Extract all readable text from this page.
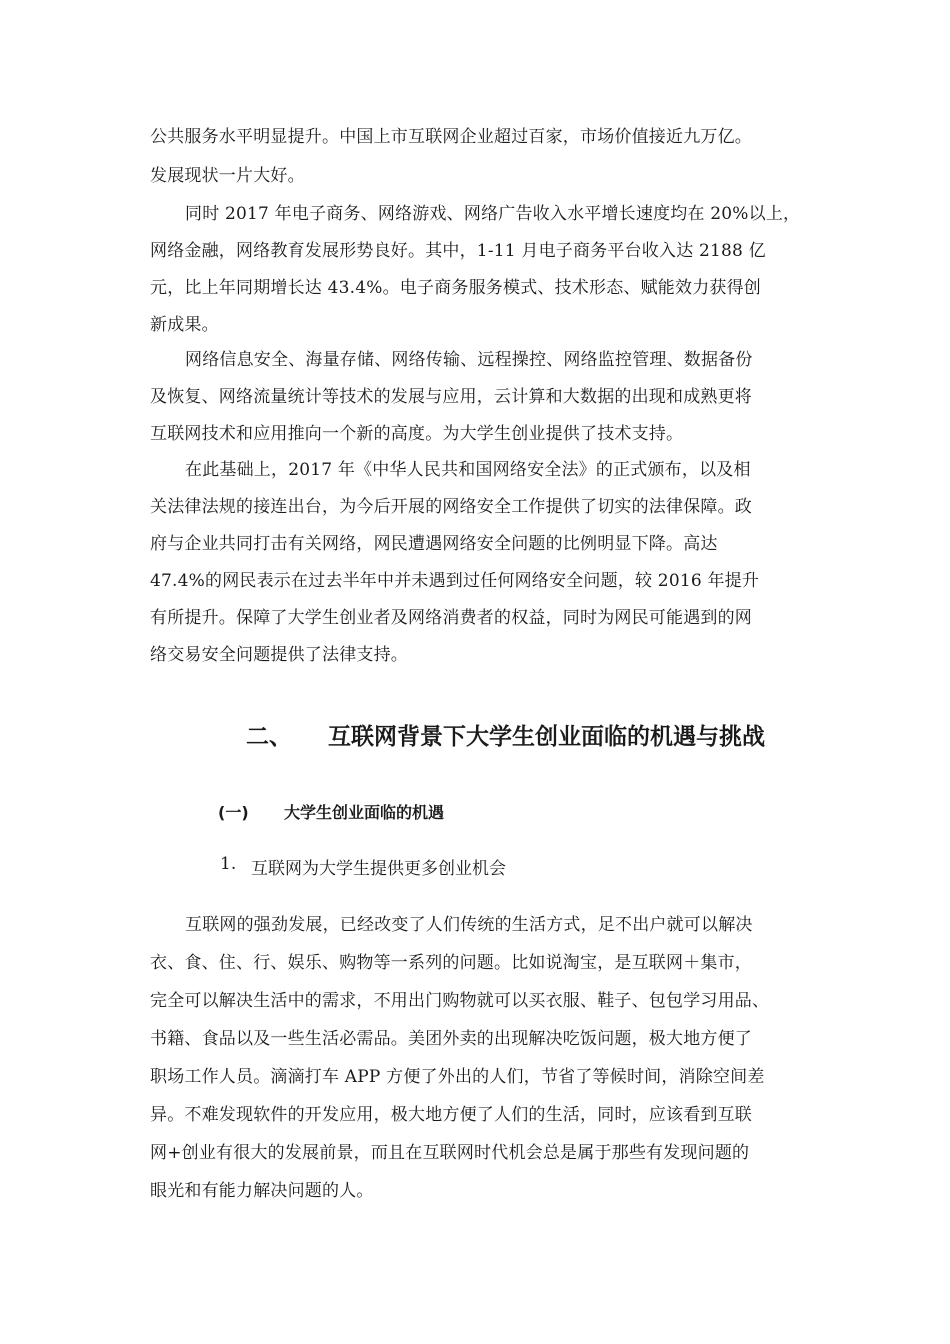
公共服务水平明显提升。中国上市互联网企业超过百家，市场价值接近九万亿。
发展现状一片大好。
同时 2017 年电子商务、网络游戏、网络广告收入水平增长速度均在 20%以上，
网络金融，网络教育发展形势良好。其中，1-11 月电子商务平台收入达 2188 亿
元，比上年同期增长达 43.4%。电子商务服务模式、技术形态、赋能效力获得创
新成果。
网络信息安全、海量存储、网络传输、远程操控、网络监控管理、数据备份
及恢复、网络流量统计等技术的发展与应用，云计算和大数据的出现和成熟更将
互联网技术和应用推向一个新的高度。为大学生创业提供了技术支持。
在此基础上，2017 年《中华人民共和国网络安全法》的正式颁布，以及相
关法律法规的接连出台，为今后开展的网络安全工作提供了切实的法律保障。政
府与企业共同打击有关网络，网民遭遇网络安全问题的比例明显下降。高达
47.4%的网民表示在过去半年中并未遇到过任何网络安全问题，较 2016 年提升
有所提升。保障了大学生创业者及网络消费者的权益，同时为网民可能遇到的网
络交易安全问题提供了法律支持。
二、 互联网背景下大学生创业面临的机遇与挑战
(一) 大学生创业面临的机遇
1. 互联网为大学生提供更多创业机会
互联网的强劲发展，已经改变了人们传统的生活方式，足不出户就可以解决
衣、食、住、行、娱乐、购物等一系列的问题。比如说淘宝，是互联网＋集市，
完全可以解决生活中的需求，不用出门购物就可以买衣服、鞋子、包包学习用品、
书籍、食品以及一些生活必需品。美团外卖的出现解决吃饭问题，极大地方便了
职场工作人员。滴滴打车 APP 方便了外出的人们，节省了等候时间，消除空间差
异。不难发现软件的开发应用，极大地方便了人们的生活，同时，应该看到互联
网+创业有很大的发展前景，而且在互联网时代机会总是属于那些有发现问题的
眼光和有能力解决问题的人。
